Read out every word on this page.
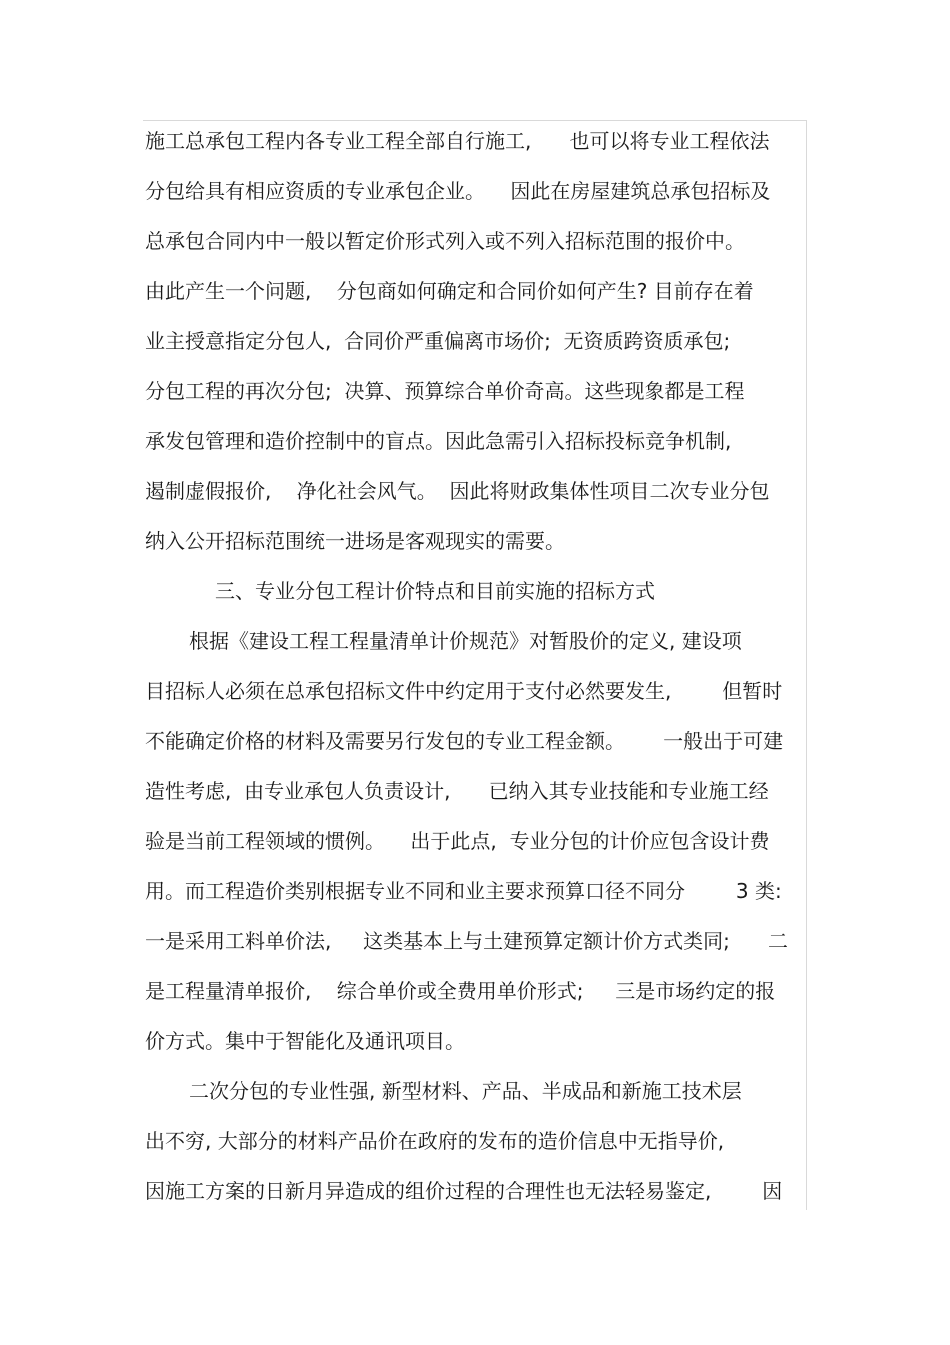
施工总承包工程内各专业工程全部自行施工,      也可以将专业工程依法
分包给具有相应资质的专业承包企业。    因此在房屋建筑总承包招标及
总承包合同内中一般以暂定价形式列入或不列入招标范围的报价中。
由此产生一个问题,    分包商如何确定和合同价如何产生? 目前存在着
业主授意指定分包人,  合同价严重偏离市场价;  无资质跨资质承包;
分包工程的再次分包;  决算、预算综合单价奇高。这些现象都是工程
承发包管理和造价控制中的盲点。因此急需引入招标投标竞争机制,
遏制虚假报价,    净化社会风气。  因此将财政集体性项目二次专业分包
纳入公开招标范围统一进场是客观现实的需要。
三、专业分包工程计价特点和目前实施的招标方式
根据《建设工程工程量清单计价规范》对暂股价的定义, 建设项
目招标人必须在总承包招标文件中约定用于支付必然要发生,        但暂时
不能确定价格的材料及需要另行发包的专业工程金额。      一般出于可建
造性考虑,  由专业承包人负责设计,      已纳入其专业技能和专业施工经
验是当前工程领域的惯例。    出于此点,  专业分包的计价应包含设计费
用。而工程造价类别根据专业不同和业主要求预算口径不同分        3 类:
一是采用工料单价法,     这类基本上与土建预算定额计价方式类同;      二
是工程量清单报价,    综合单价或全费用单价形式;     三是市场约定的报
价方式。集中于智能化及通讯项目。
二次分包的专业性强, 新型材料、产品、半成品和新施工技术层
出不穷, 大部分的材料产品价在政府的发布的造价信息中无指导价,
因施工方案的日新月异造成的组价过程的合理性也无法轻易鉴定,        因
